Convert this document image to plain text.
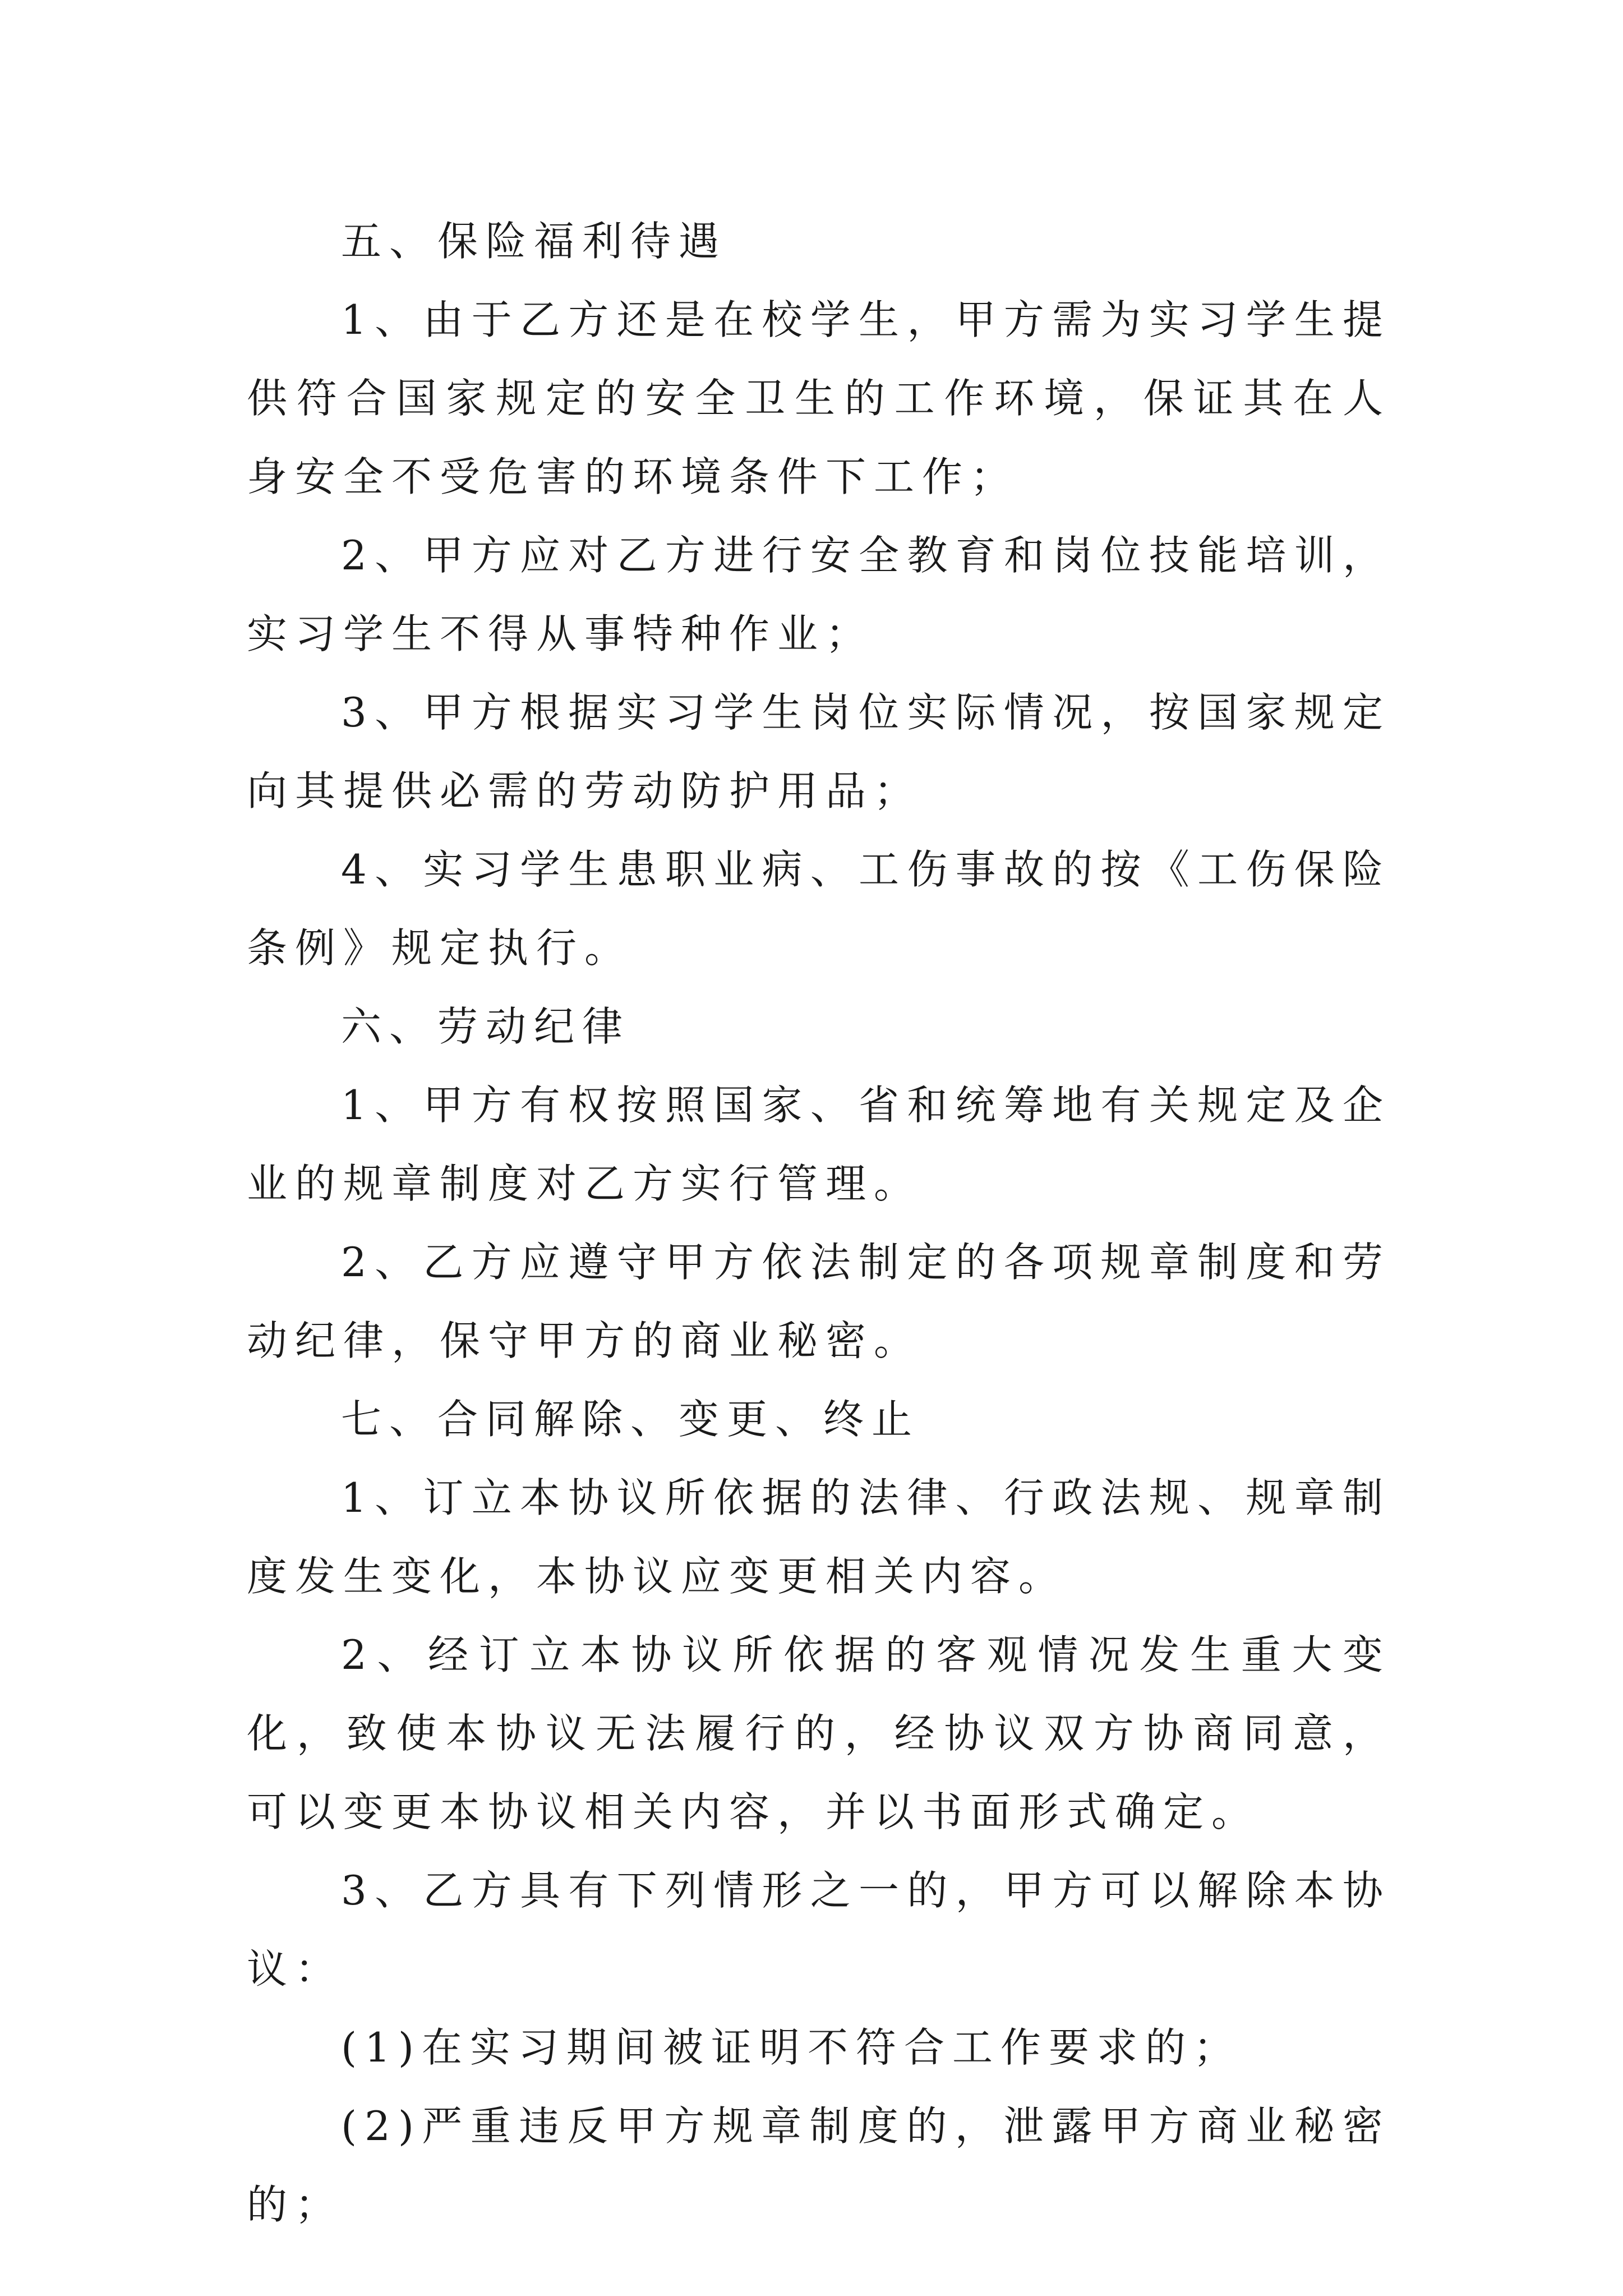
五、保险福利待遇

1、由于乙方还是在校学生，甲方需为实习学生提供符合国家规定的安全卫生的工作环境，保证其在人身安全不受危害的环境条件下工作；

2、甲方应对乙方进行安全教育和岗位技能培训，实习学生不得从事特种作业；

3、甲方根据实习学生岗位实际情况，按国家规定向其提供必需的劳动防护用品；

4、实习学生患职业病、工伤事故的按《工伤保险条例》规定执行。

六、劳动纪律

1、甲方有权按照国家、省和统筹地有关规定及企业的规章制度对乙方实行管理。

2、乙方应遵守甲方依法制定的各项规章制度和劳动纪律，保守甲方的商业秘密。

七、合同解除、变更、终止

1、订立本协议所依据的法律、行政法规、规章制度发生变化，本协议应变更相关内容。

2、经订立本协议所依据的客观情况发生重大变化，致使本协议无法履行的，经协议双方协商同意，可以变更本协议相关内容，并以书面形式确定。

3、乙方具有下列情形之一的，甲方可以解除本协议：

(1)在实习期间被证明不符合工作要求的；

(2)严重违反甲方规章制度的，泄露甲方商业秘密的；
